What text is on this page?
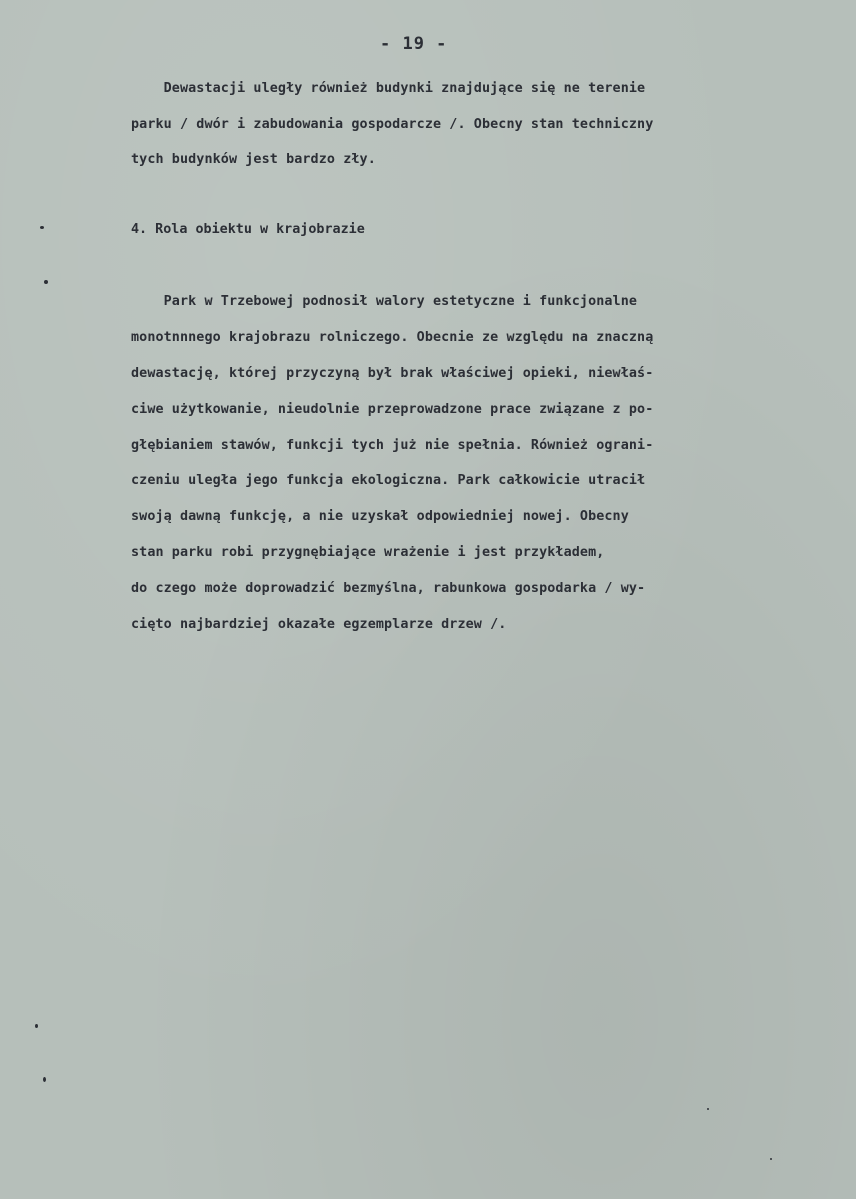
- 19 -
Dewastacji uległy również budynki znajdujące się ne terenie
parku / dwór i zabudowania gospodarcze /. Obecny stan techniczny
tych budynków jest bardzo zły.
4. Rola obiektu w krajobrazie
Park w Trzebowej podnosił walory estetyczne i funkcjonalne
monotnnnego krajobrazu rolniczego. Obecnie ze względu na znaczną
dewastację, której przyczyną był brak właściwej opieki, niewłaś-
ciwe użytkowanie, nieudolnie przeprowadzone prace związane z po-
głębianiem stawów, funkcji tych już nie spełnia. Również ograni-
czeniu uległa jego funkcja ekologiczna. Park całkowicie utracił
swoją dawną funkcję, a nie uzyskał odpowiedniej nowej. Obecny
stan parku robi przygnębiające wrażenie i jest przykładem,
do czego może doprowadzić bezmyślna, rabunkowa gospodarka / wy-
cięto najbardziej okazałe egzemplarze drzew /.
